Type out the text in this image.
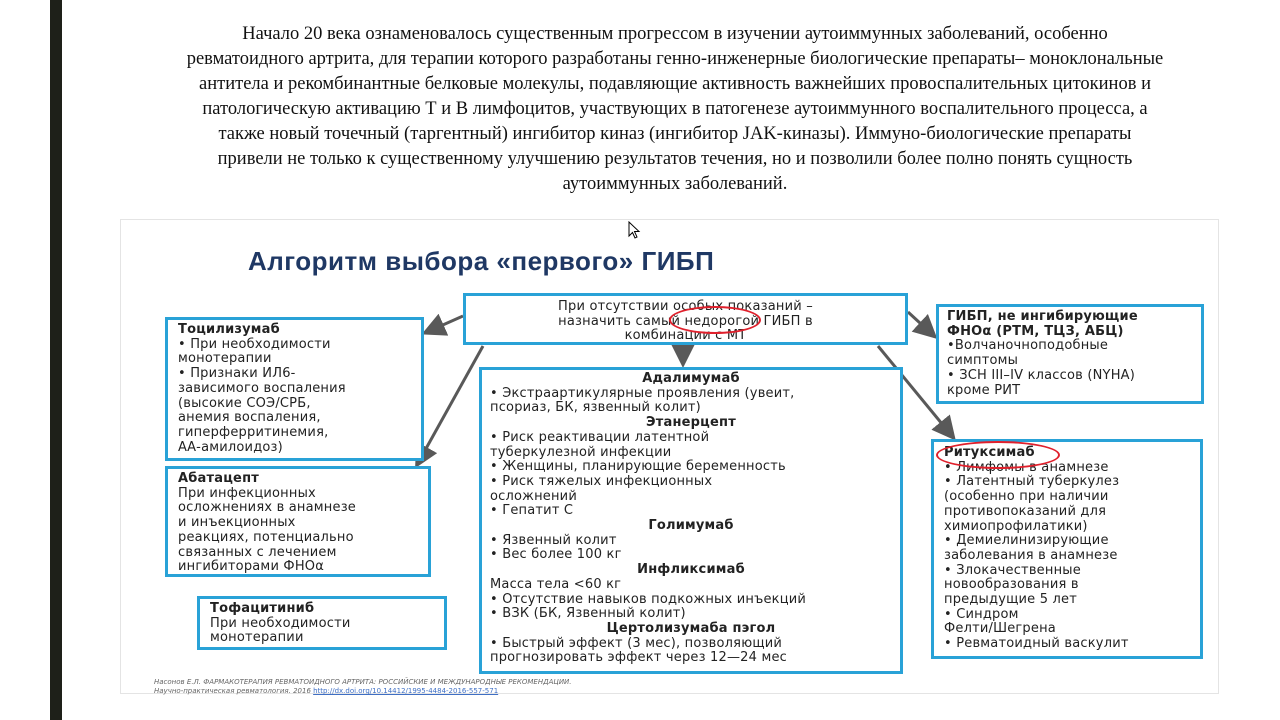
Начало 20 века ознаменовалось существенным прогрессом в изучении аутоиммунных заболеваний, особенно
ревматоидного артрита, для терапии которого разработаны генно-инженерные биологические препараты– моноклональные
антитела и рекомбинантные белковые молекулы, подавляющие активность важнейших провоспалительных цитокинов и
патологическую активацию Т и В лимфоцитов, участвующих в патогенезе аутоиммунного воспалительного процесса, а
также новый точечный (таргентный) ингибитор киназ (ингибитор JAK-киназы). Иммуно-биологические препараты
привели не только к существенному улучшению результатов течения, но и позволили более полно понять сущность
аутоиммунных заболеваний.
Алгоритм выбора «первого» ГИБП
При отсутствии особых показаний –
назначить самый недорогой ГИБП в
комбинации с МТ
Тоцилизумаб
• При необходимости
монотерапии
• Признаки ИЛ6-
зависимого воспаления
(высокие СОЭ/СРБ,
анемия воспаления,
гиперферритинемия,
АА-амилоидоз)
Абатацепт
При инфекционных
осложнениях в анамнезе
и инъекционных
реакциях, потенциально
связанных с лечением
ингибиторами ФНОα
Тофацитиниб
При необходимости
монотерапии
Адалимумаб
• Экстраартикулярные проявления (увеит,
псориаз, БК, язвенный колит)
Этанерцепт
• Риск реактивации латентной
туберкулезной инфекции
• Женщины, планирующие беременность
• Риск тяжелых инфекционных
осложнений
• Гепатит С
Голимумаб
• Язвенный колит
• Вес более 100 кг
Инфликсимаб
Масса тела <60 кг
• Отсутствие навыков подкожных инъекций
• ВЗК (БК, Язвенный колит)
Цертолизумаба пэгол
• Быстрый эффект (3 мес), позволяющий
прогнозировать эффект через 12—24 мес
ГИБП, не ингибирующие
ФНОα (РТМ, ТЦЗ, АБЦ)
•Волчаночноподобные
симптомы
• ЗСН III–IV классов (NYHA)
кроме РИТ
Ритуксимаб
• Лимфомы в анамнезе
• Латентный туберкулез
(особенно при наличии
противопоказаний для
химиопрофилатики)
• Демиелинизирующие
заболевания в анамнезе
• Злокачественные
новообразования в
предыдущие 5 лет
• Синдром
Фелти/Шегрена
• Ревматоидный васкулит
Насонов Е.Л. ФАРМАКОТЕРАПИЯ РЕВМАТОИДНОГО АРТРИТА: РОССИЙСКИЕ И МЕЖДУНАРОДНЫЕ РЕКОМЕНДАЦИИ.
Научно-практическая ревматология. 2016 http://dx.doi.org/10.14412/1995-4484-2016-557-571
